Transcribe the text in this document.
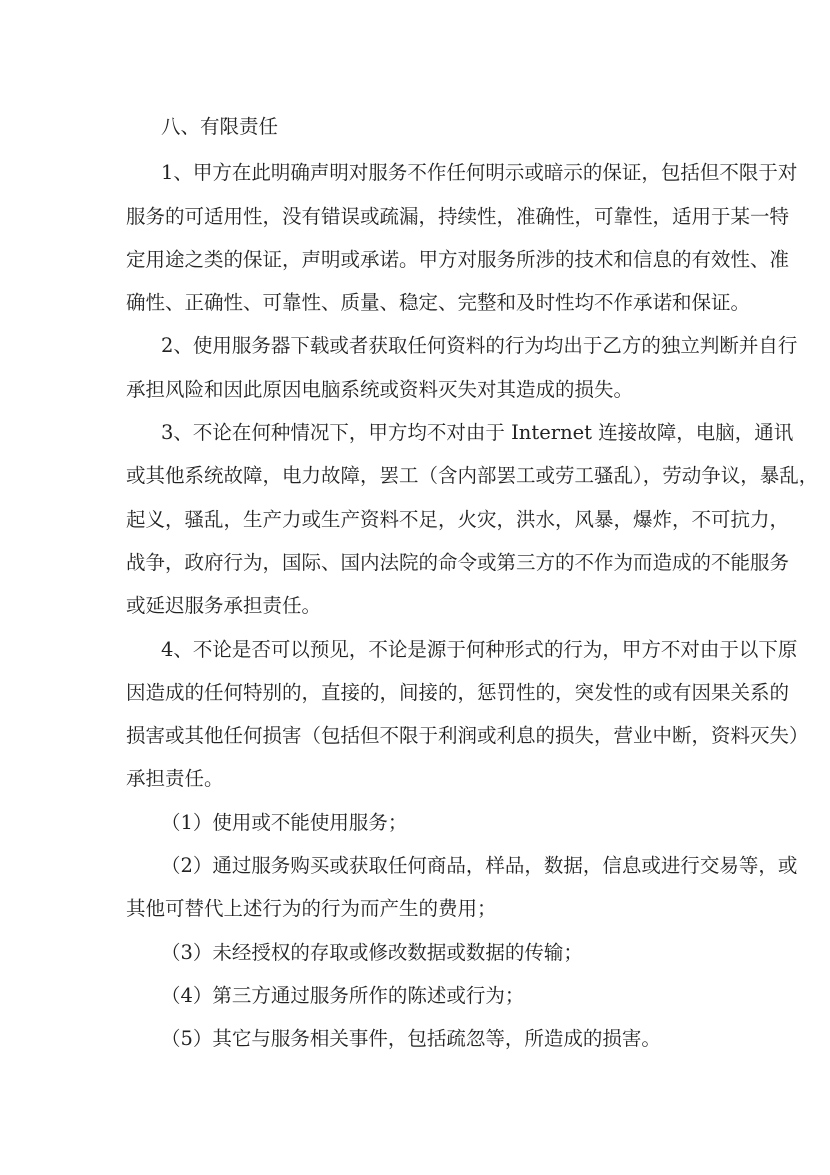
八、有限责任
1、甲方在此明确声明对服务不作任何明示或暗示的保证，包括但不限于对
服务的可适用性，没有错误或疏漏，持续性，准确性，可靠性，适用于某一特
定用途之类的保证，声明或承诺。甲方对服务所涉的技术和信息的有效性、准
确性、正确性、可靠性、质量、稳定、完整和及时性均不作承诺和保证。
2、使用服务器下载或者获取任何资料的行为均出于乙方的独立判断并自行
承担风险和因此原因电脑系统或资料灭失对其造成的损失。
3、不论在何种情况下，甲方均不对由于 Internet 连接故障，电脑，通讯
或其他系统故障，电力故障，罢工（含内部罢工或劳工骚乱），劳动争议，暴乱，
起义，骚乱，生产力或生产资料不足，火灾，洪水，风暴，爆炸，不可抗力，
战争，政府行为，国际、国内法院的命令或第三方的不作为而造成的不能服务
或延迟服务承担责任。
4、不论是否可以预见，不论是源于何种形式的行为，甲方不对由于以下原
因造成的任何特别的，直接的，间接的，惩罚性的，突发性的或有因果关系的
损害或其他任何损害（包括但不限于利润或利息的损失，营业中断，资料灭失）
承担责任。
（1）使用或不能使用服务；
（2）通过服务购买或获取任何商品，样品，数据，信息或进行交易等，或
其他可替代上述行为的行为而产生的费用；
（3）未经授权的存取或修改数据或数据的传输；
（4）第三方通过服务所作的陈述或行为；
（5）其它与服务相关事件，包括疏忽等，所造成的损害。
